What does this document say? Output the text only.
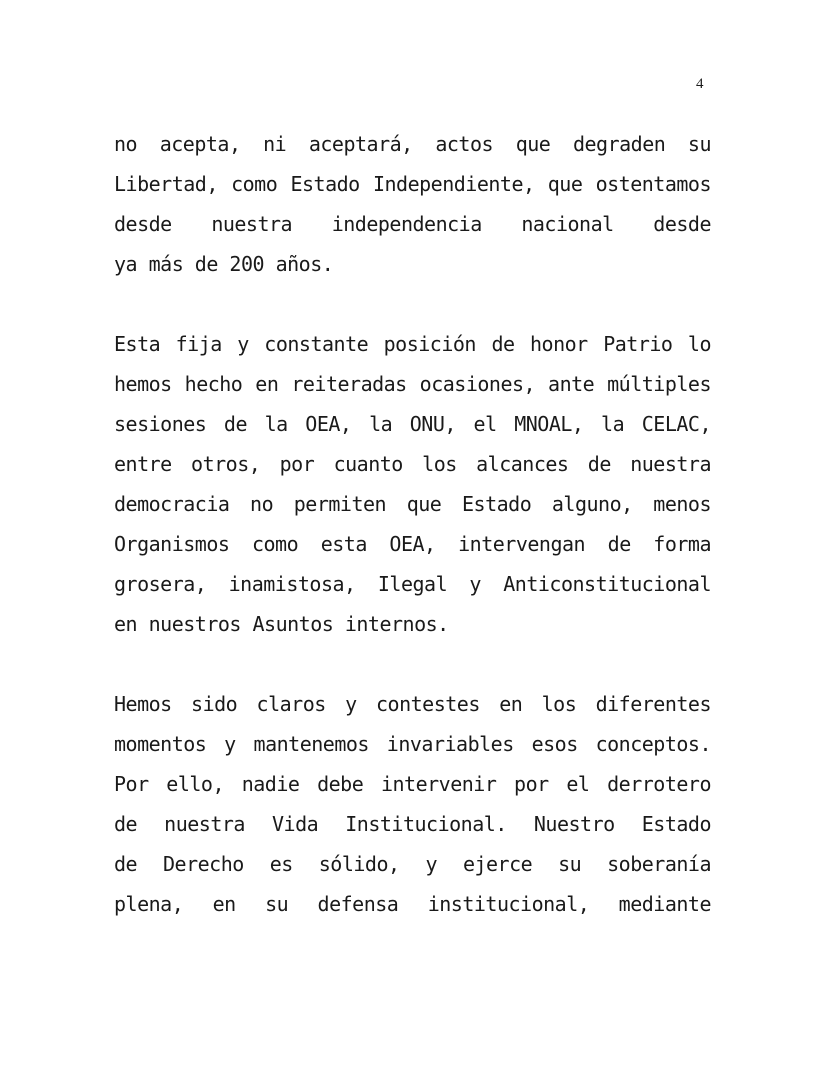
4
no acepta, ni aceptará, actos que degraden su
Libertad, como Estado Independiente, que ostentamos
desde nuestra independencia nacional desde
ya más de 200 años.
Esta fija y constante posición de honor Patrio lo
hemos hecho en reiteradas ocasiones, ante múltiples
sesiones de la OEA, la ONU, el MNOAL, la CELAC,
entre otros, por cuanto los alcances de nuestra
democracia no permiten que Estado alguno, menos
Organismos como esta OEA, intervengan de forma
grosera, inamistosa, Ilegal y Anticonstitucional
en nuestros Asuntos internos.
Hemos sido claros y contestes en los diferentes
momentos y mantenemos invariables esos conceptos.
Por ello, nadie debe intervenir por el derrotero
de nuestra Vida Institucional. Nuestro Estado
de Derecho es sólido, y ejerce su soberanía
plena, en su defensa institucional, mediante
